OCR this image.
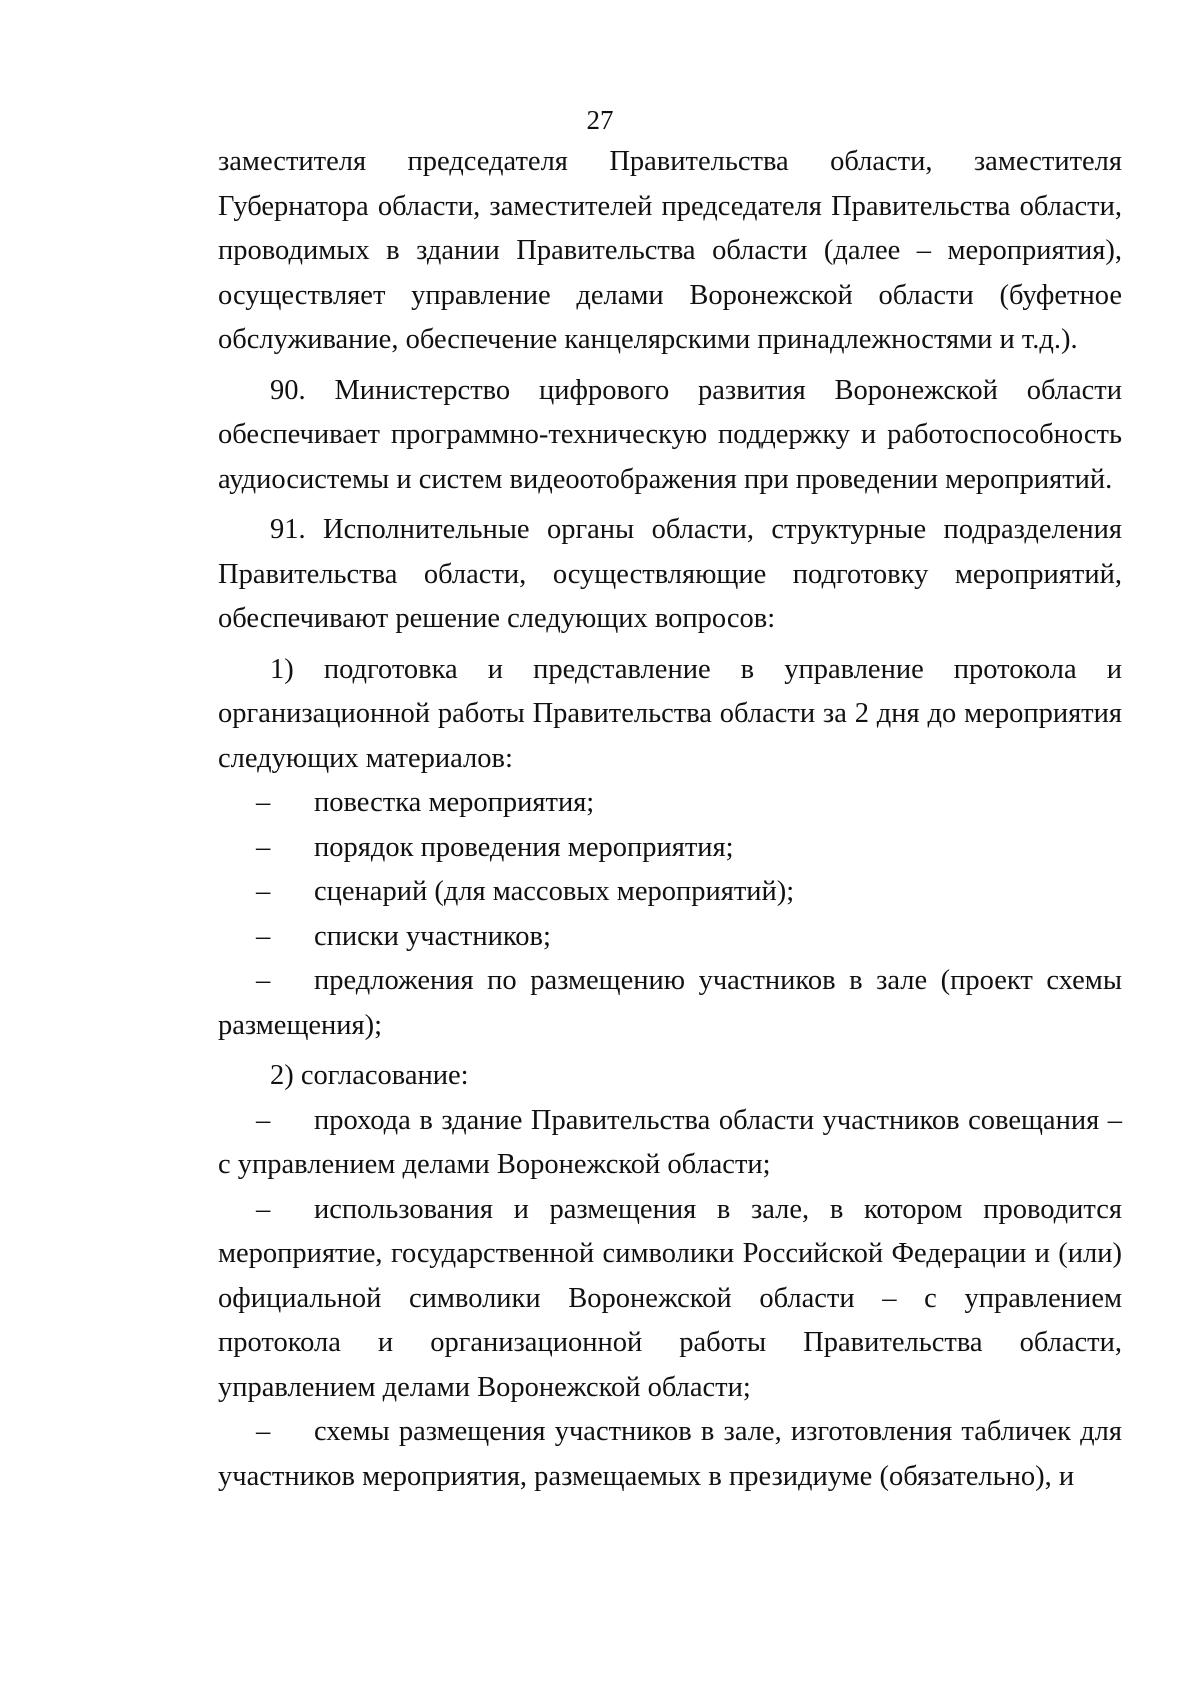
27

заместителя председателя Правительства области, заместителя Губернатора области, заместителей председателя Правительства области, проводимых в здании Правительства области (далее – мероприятия), осуществляет управление делами Воронежской области (буфетное обслуживание, обеспечение канцелярскими принадлежностями и т.д.).

90. Министерство цифрового развития Воронежской области обеспечивает программно-техническую поддержку и работоспособность аудиосистемы и систем видеоотображения при проведении мероприятий.

91. Исполнительные органы области, структурные подразделения Правительства области, осуществляющие подготовку мероприятий, обеспечивают решение следующих вопросов:

1) подготовка и представление в управление протокола и организационной работы Правительства области за 2 дня до мероприятия следующих материалов:

– повестка мероприятия;

– порядок проведения мероприятия;

– сценарий (для массовых мероприятий);

– списки участников;

– предложения по размещению участников в зале (проект схемы размещения);

2) согласование:

– прохода в здание Правительства области участников совещания – с управлением делами Воронежской области;

– использования и размещения в зале, в котором проводится мероприятие, государственной символики Российской Федерации и (или) официальной символики Воронежской области – с управлением протокола и организационной работы Правительства области, управлением делами Воронежской области;

– схемы размещения участников в зале, изготовления табличек для участников мероприятия, размещаемых в президиуме (обязательно), и
